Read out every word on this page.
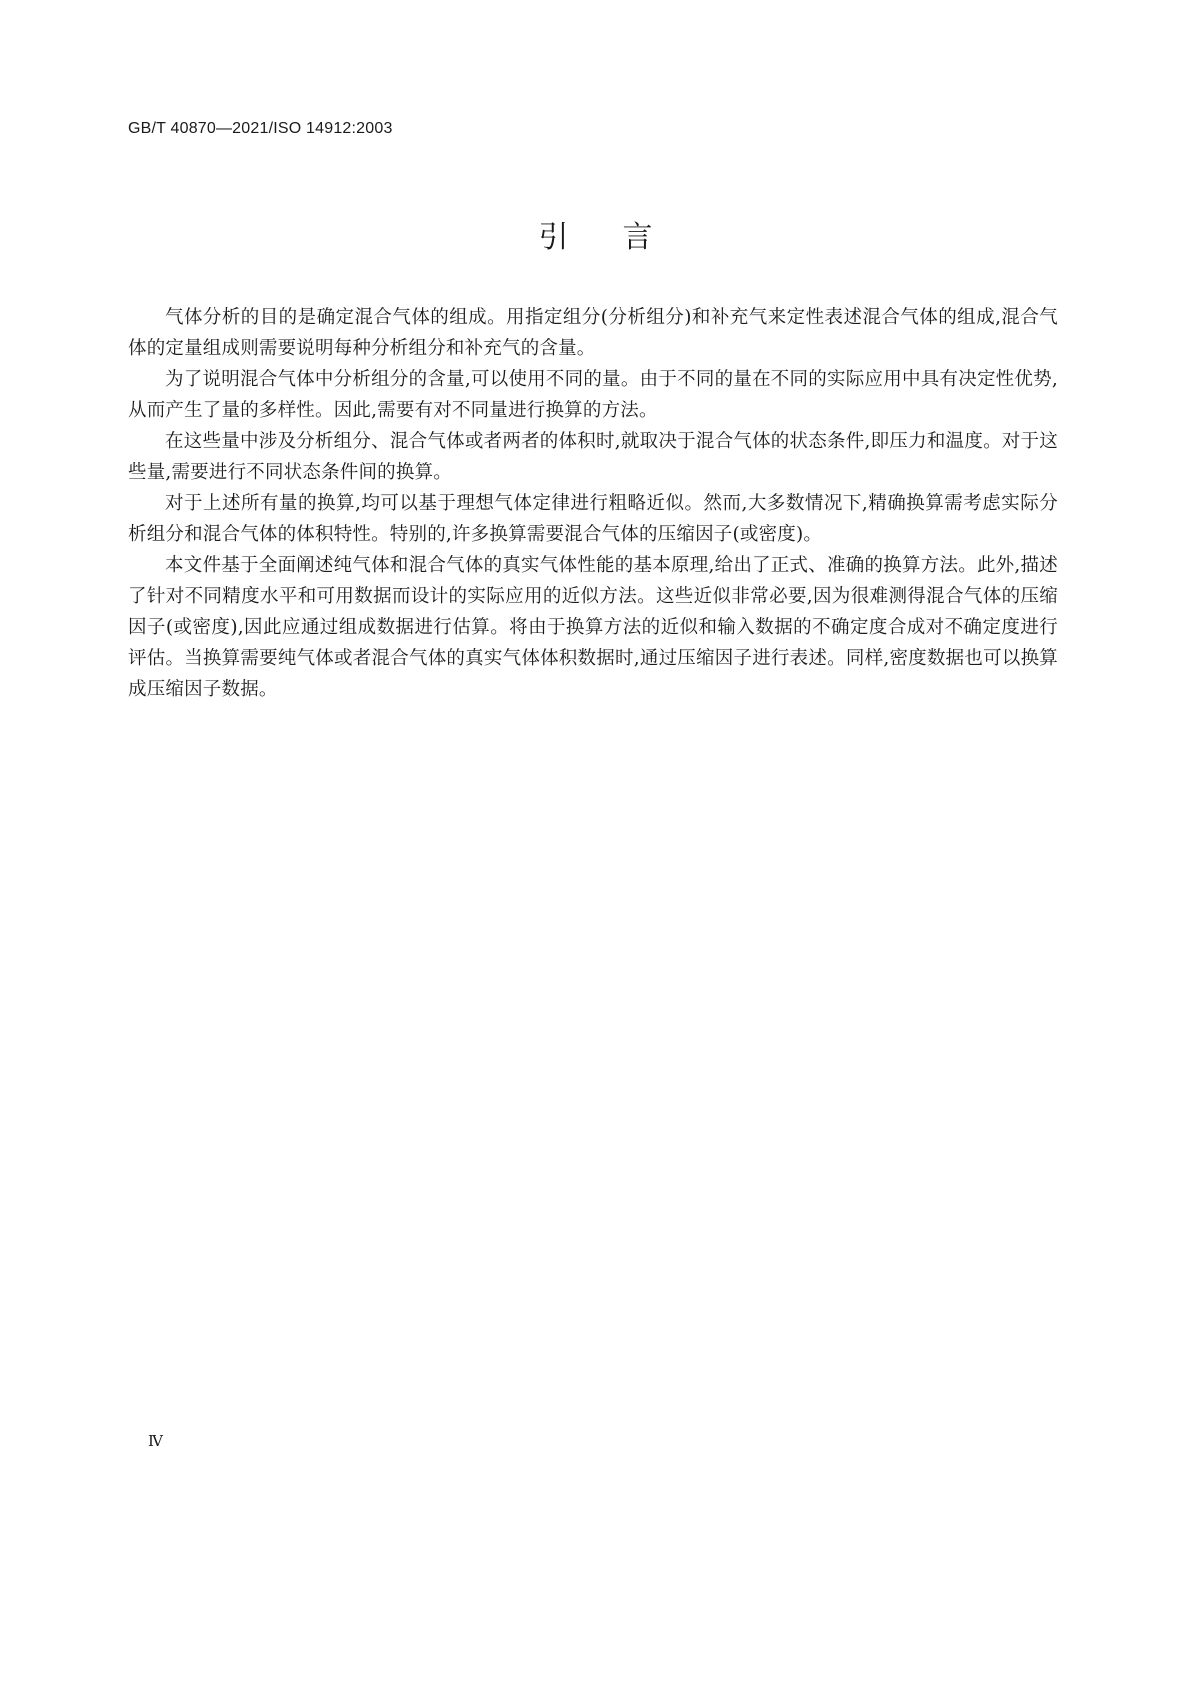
GB/T 40870—2021/ISO 14912:2003
引言

气体分析的目的是确定混合气体的组成。用指定组分(分析组分)和补充气来定性表述混合气体的组成,混合气体的定量组成则需要说明每种分析组分和补充气的含量。

为了说明混合气体中分析组分的含量,可以使用不同的量。由于不同的量在不同的实际应用中具有决定性优势,从而产生了量的多样性。因此,需要有对不同量进行换算的方法。

在这些量中涉及分析组分、混合气体或者两者的体积时,就取决于混合气体的状态条件,即压力和温度。对于这些量,需要进行不同状态条件间的换算。

对于上述所有量的换算,均可以基于理想气体定律进行粗略近似。然而,大多数情况下,精确换算需考虑实际分析组分和混合气体的体积特性。特别的,许多换算需要混合气体的压缩因子(或密度)。

本文件基于全面阐述纯气体和混合气体的真实气体性能的基本原理,给出了正式、准确的换算方法。此外,描述了针对不同精度水平和可用数据而设计的实际应用的近似方法。这些近似非常必要,因为很难测得混合气体的压缩因子(或密度),因此应通过组成数据进行估算。将由于换算方法的近似和输入数据的不确定度合成对不确定度进行评估。当换算需要纯气体或者混合气体的真实气体体积数据时,通过压缩因子进行表述。同样,密度数据也可以换算成压缩因子数据。

Ⅳ
